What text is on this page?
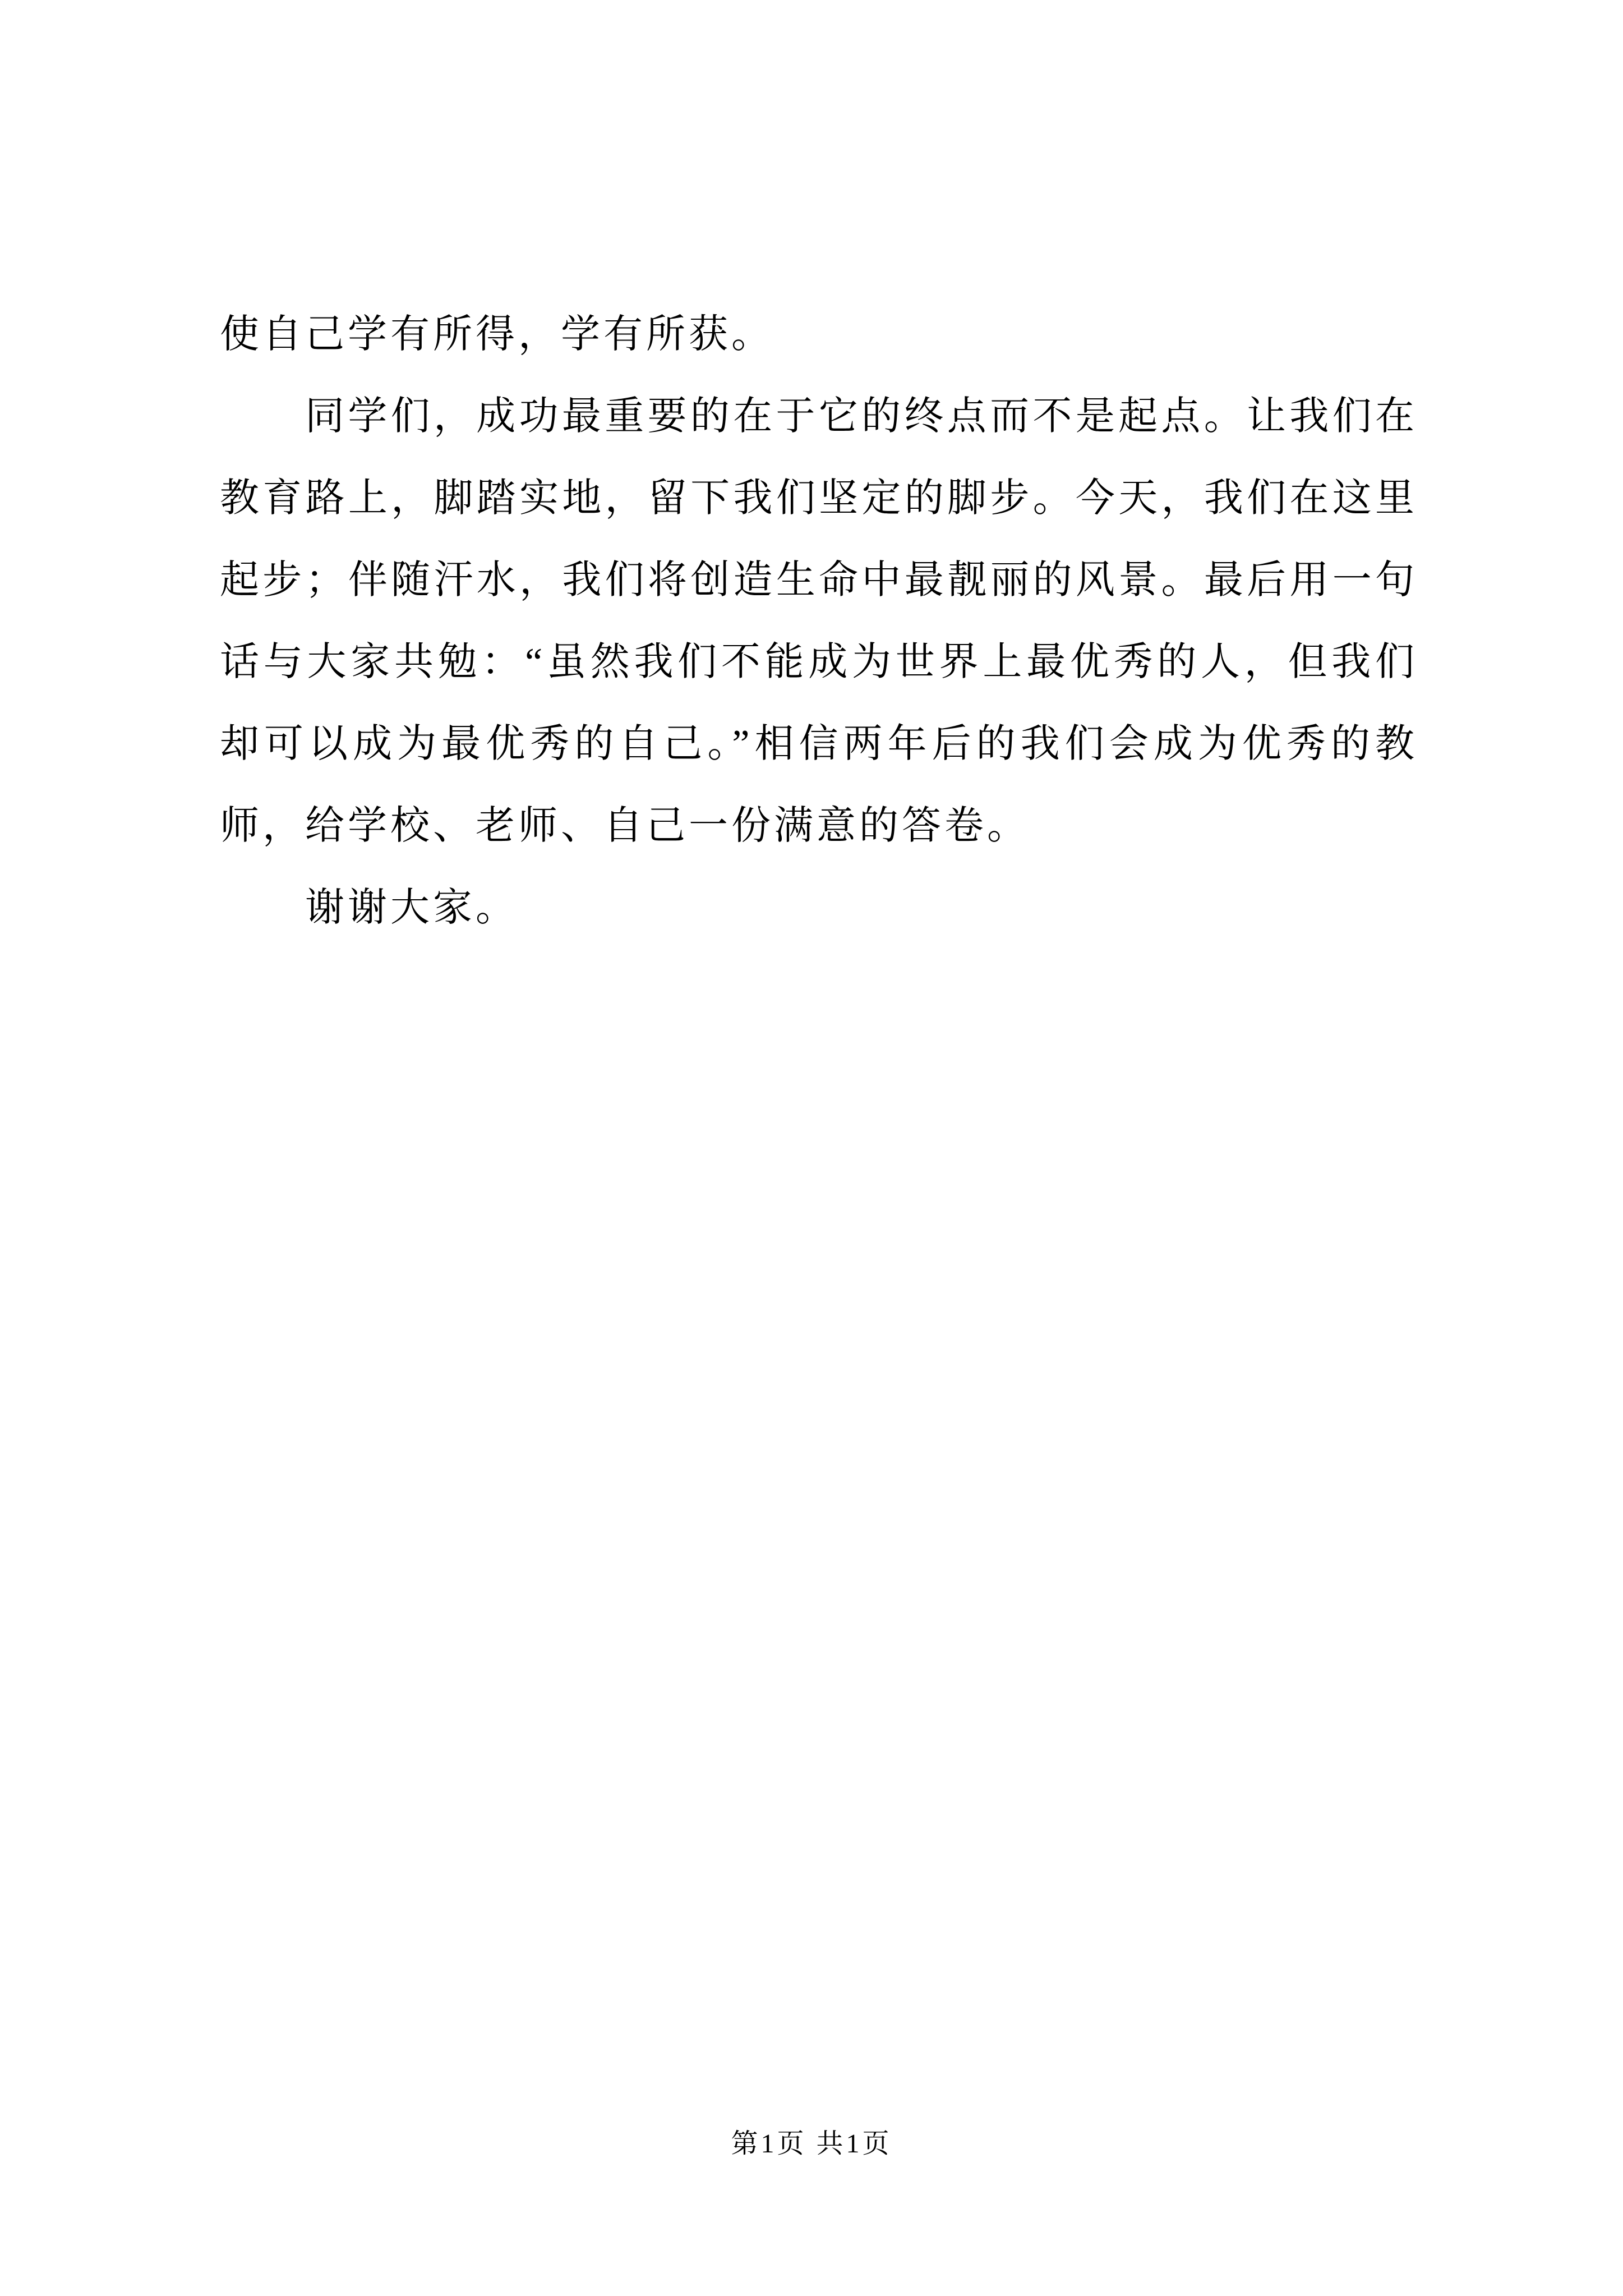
使自己学有所得，学有所获。
同学们，成功最重要的在于它的终点而不是起点。让我们在
教育路上，脚踏实地，留下我们坚定的脚步。今天，我们在这里
起步；伴随汗水，我们将创造生命中最靓丽的风景。最后用一句
话与大家共勉：“虽然我们不能成为世界上最优秀的人，但我们
却可以成为最优秀的自己。”相信两年后的我们会成为优秀的教
师，给学校、老师、自己一份满意的答卷。
谢谢大家。
第1页 共1页
